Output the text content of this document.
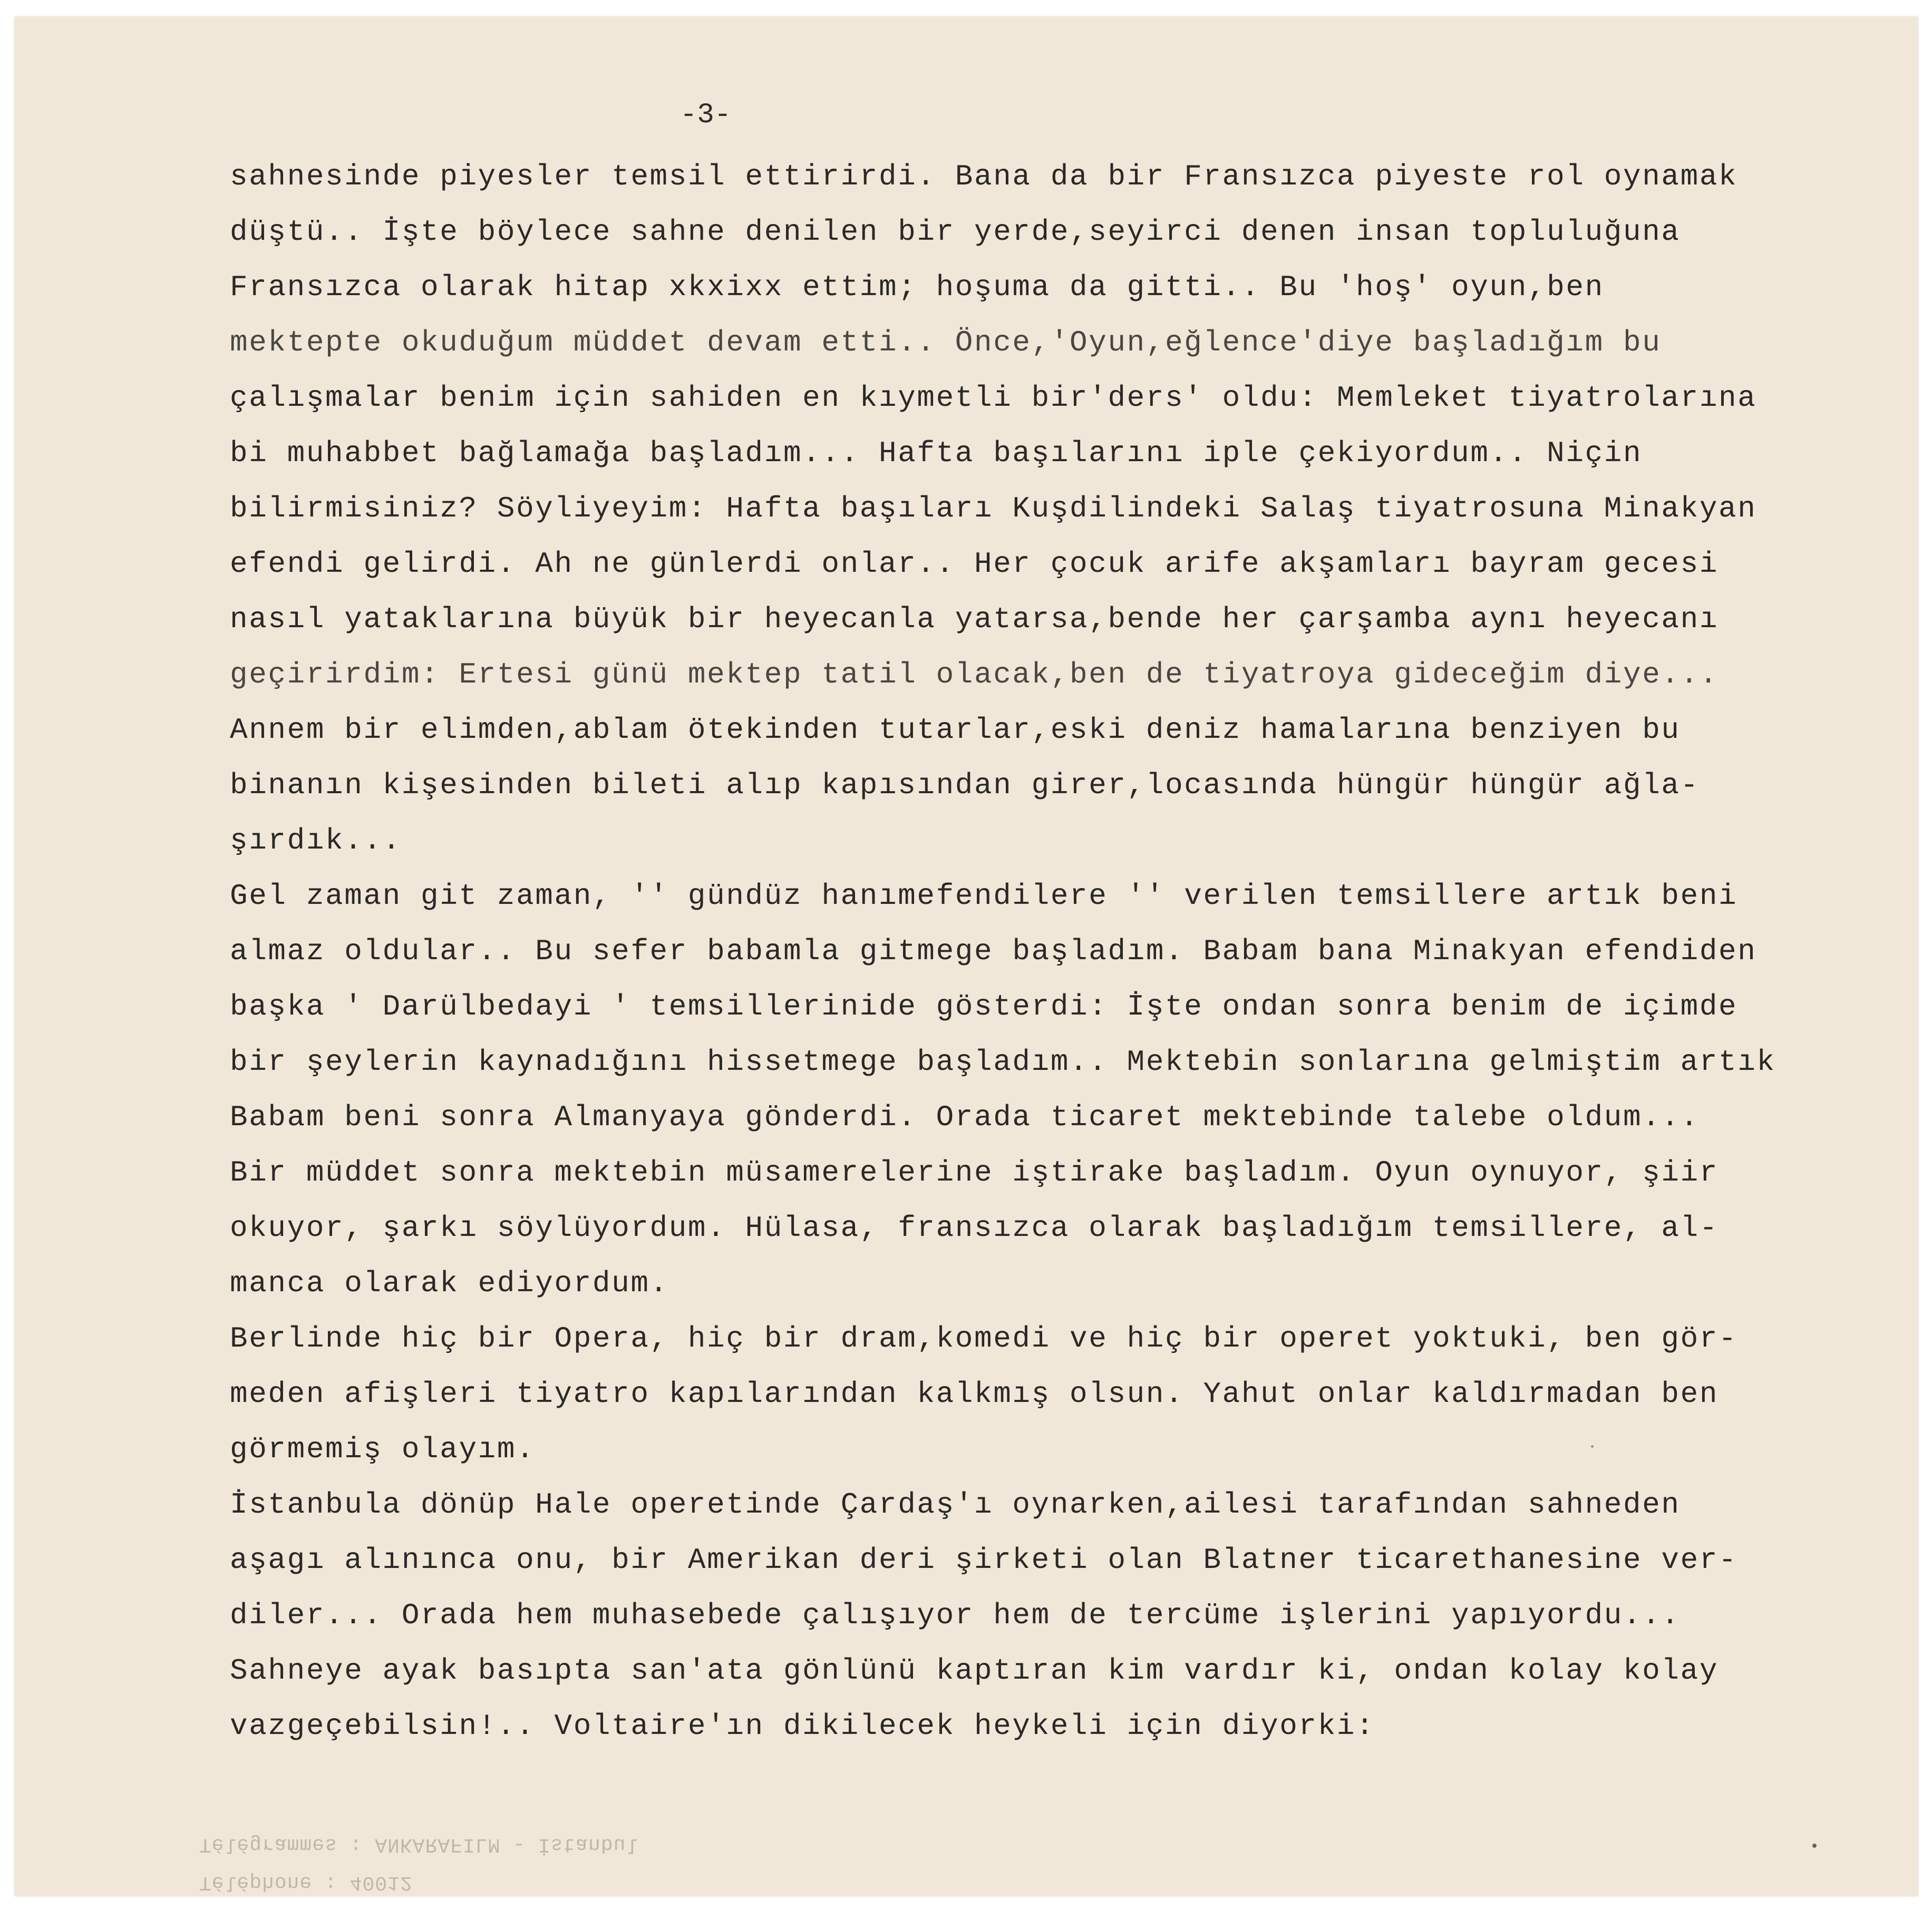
-3-
sahnesinde piyesler temsil ettirirdi. Bana da bir Fransızca piyeste rol oynamak
düştü.. İşte böylece sahne denilen bir yerde,seyirci denen insan topluluğuna
Fransızca olarak hitap xkxixx ettim; hoşuma da gitti.. Bu 'hoş' oyun,ben
mektepte okuduğum müddet devam etti.. Önce,'Oyun,eğlence'diye başladığım bu
çalışmalar benim için sahiden en kıymetli bir'ders' oldu: Memleket tiyatrolarına
bi muhabbet bağlamağa başladım... Hafta başılarını iple çekiyordum.. Niçin
bilirmisiniz? Söyliyeyim: Hafta başıları Kuşdilindeki Salaş tiyatrosuna Minakyan
efendi gelirdi. Ah ne günlerdi onlar.. Her çocuk arife akşamları bayram gecesi
nasıl yataklarına büyük bir heyecanla yatarsa,bende her çarşamba aynı heyecanı
geçirirdim: Ertesi günü mektep tatil olacak,ben de tiyatroya gideceğim diye...
Annem bir elimden,ablam ötekinden tutarlar,eski deniz hamalarına benziyen bu
binanın kişesinden bileti alıp kapısından girer,locasında hüngür hüngür ağla-
şırdık...
Gel zaman git zaman, '' gündüz hanımefendilere '' verilen temsillere artık beni
almaz oldular.. Bu sefer babamla gitmege başladım. Babam bana Minakyan efendiden
başka ' Darülbedayi ' temsillerinide gösterdi: İşte ondan sonra benim de içimde
bir şeylerin kaynadığını hissetmege başladım.. Mektebin sonlarına gelmiştim artık
Babam beni sonra Almanyaya gönderdi. Orada ticaret mektebinde talebe oldum...
Bir müddet sonra mektebin müsamerelerine iştirake başladım. Oyun oynuyor, şiir
okuyor, şarkı söylüyordum. Hülasa, fransızca olarak başladığım temsillere, al-
manca olarak ediyordum.
Berlinde hiç bir Opera, hiç bir dram,komedi ve hiç bir operet yoktuki, ben gör-
meden afişleri tiyatro kapılarından kalkmış olsun. Yahut onlar kaldırmadan ben
görmemiş olayım.
İstanbula dönüp Hale operetinde Çardaş'ı oynarken,ailesi tarafından sahneden
aşagı alınınca onu, bir Amerikan deri şirketi olan Blatner ticarethanesine ver-
diler... Orada hem muhasebede çalışıyor hem de tercüme işlerini yapıyordu...
Sahneye ayak basıpta san'ata gönlünü kaptıran kim vardır ki, ondan kolay kolay
vazgeçebilsin!.. Voltaire'ın dikilecek heykeli için diyorki:
Télégrammes : ANKARAFILM - İstanbul
Téléphone : 40012
